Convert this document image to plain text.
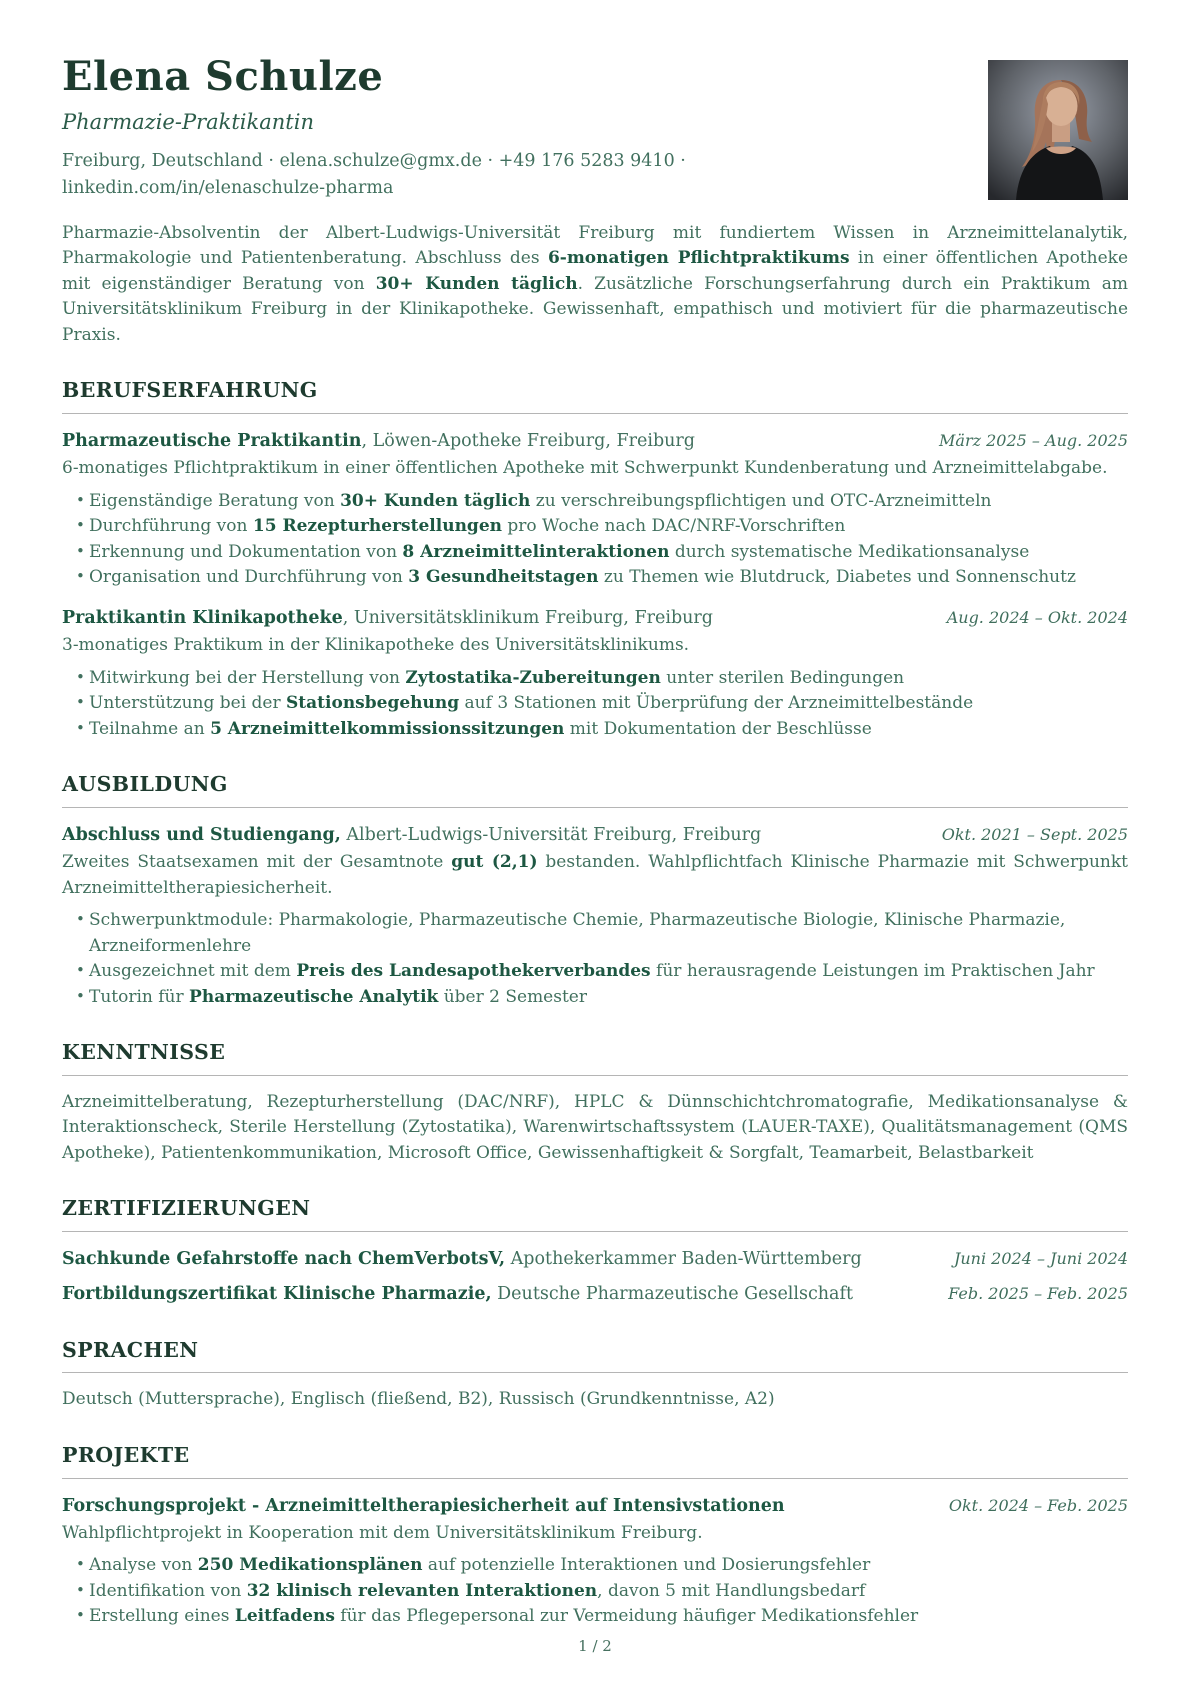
Elena Schulze
Pharmazie-Praktikantin
Freiburg, Deutschland · elena.schulze@gmx.de · +49 176 5283 9410 ·
linkedin.com/in/elenaschulze-pharma

Pharmazie-Absolventin der Albert-Ludwigs-Universität Freiburg mit fundiertem Wissen in Arzneimittelanalytik, Pharmakologie und Patientenberatung. Abschluss des 6-monatigen Pflichtpraktikums in einer öffentlichen Apotheke mit eigenständiger Beratung von 30+ Kunden täglich. Zusätzliche Forschungserfahrung durch ein Praktikum am Universitätsklinikum Freiburg in der Klinikapotheke. Gewissenhaft, empathisch und motiviert für die pharmazeutische Praxis.

BERUFSERFAHRUNG
Pharmazeutische Praktikantin, Löwen-Apotheke Freiburg, Freiburg	März 2025 – Aug. 2025

6-monatiges Pflichtpraktikum in einer öffentlichen Apotheke mit Schwerpunkt Kundenberatung und Arzneimittelabgabe.

• Eigenständige Beratung von 30+ Kunden täglich zu verschreibungspflichtigen und OTC-Arzneimitteln
• Durchführung von 15 Rezepturherstellungen pro Woche nach DAC/NRF-Vorschriften
• Erkennung und Dokumentation von 8 Arzneimittelinteraktionen durch systematische Medikationsanalyse
• Organisation und Durchführung von 3 Gesundheitstagen zu Themen wie Blutdruck, Diabetes und Sonnenschutz
Praktikantin Klinikapotheke, Universitätsklinikum Freiburg, Freiburg	Aug. 2024 – Okt. 2024

3-monatiges Praktikum in der Klinikapotheke des Universitätsklinikums.

• Mitwirkung bei der Herstellung von Zytostatika-Zubereitungen unter sterilen Bedingungen
• Unterstützung bei der Stationsbegehung auf 3 Stationen mit Überprüfung der Arzneimittelbestände
• Teilnahme an 5 Arzneimittelkommissionssitzungen mit Dokumentation der Beschlüsse
AUSBILDUNG
Abschluss und Studiengang, Albert-Ludwigs-Universität Freiburg, Freiburg	Okt. 2021 – Sept. 2025

Zweites Staatsexamen mit der Gesamtnote gut (2,1) bestanden. Wahlpflichtfach Klinische Pharmazie mit Schwerpunkt Arzneimitteltherapiesicherheit.

• Schwerpunktmodule: Pharmakologie, Pharmazeutische Chemie, Pharmazeutische Biologie, Klinische Pharmazie, Arzneiformenlehre
• Ausgezeichnet mit dem Preis des Landesapothekerverbandes für herausragende Leistungen im Praktischen Jahr
• Tutorin für Pharmazeutische Analytik über 2 Semester
KENNTNISSE

Arzneimittelberatung, Rezepturherstellung (DAC/NRF), HPLC & Dünnschichtchromatografie, Medikationsanalyse & Interaktionscheck, Sterile Herstellung (Zytostatika), Warenwirtschaftssystem (LAUER-TAXE), Qualitätsmanagement (QMS Apotheke), Patientenkommunikation, Microsoft Office, Gewissenhaftigkeit & Sorgfalt, Teamarbeit, Belastbarkeit

ZERTIFIZIERUNGEN
Sachkunde Gefahrstoffe nach ChemVerbotsV, Apothekerkammer Baden-Württemberg	Juni 2024 – Juni 2024
Fortbildungszertifikat Klinische Pharmazie, Deutsche Pharmazeutische Gesellschaft	Feb. 2025 – Feb. 2025
SPRACHEN

Deutsch (Muttersprache), Englisch (fließend, B2), Russisch (Grundkenntnisse, A2)

PROJEKTE
Forschungsprojekt - Arzneimitteltherapiesicherheit auf Intensivstationen	Okt. 2024 – Feb. 2025

Wahlpflichtprojekt in Kooperation mit dem Universitätsklinikum Freiburg.

• Analyse von 250 Medikationsplänen auf potenzielle Interaktionen und Dosierungsfehler
• Identifikation von 32 klinisch relevanten Interaktionen, davon 5 mit Handlungsbedarf
• Erstellung eines Leitfadens für das Pflegepersonal zur Vermeidung häufiger Medikationsfehler
1 / 2
